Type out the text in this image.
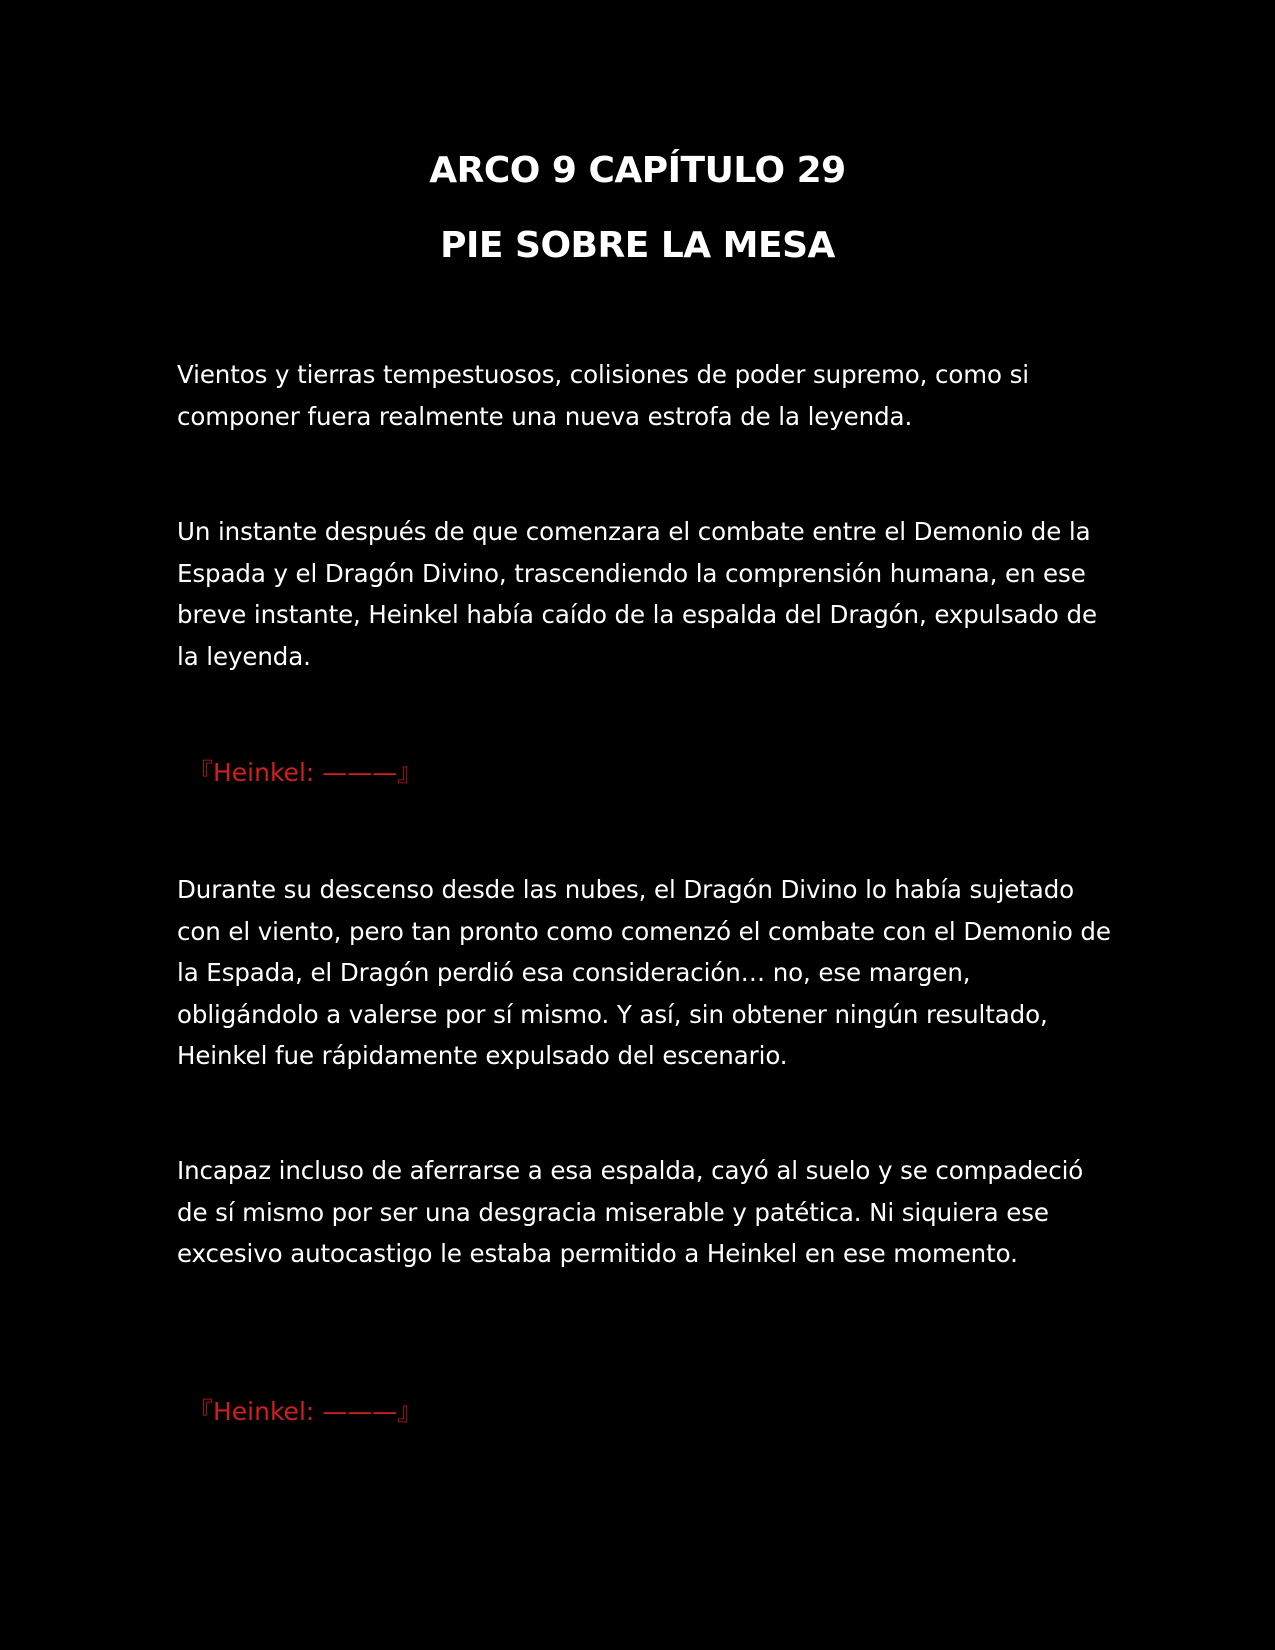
ARCO 9 CAPÍTULO 29
PIE SOBRE LA MESA

Vientos y tierras tempestuosos, colisiones de poder supremo, como si componer fuera realmente una nueva estrofa de la leyenda.

Un instante después de que comenzara el combate entre el Demonio de la Espada y el Dragón Divino, trascendiendo la comprensión humana, en ese breve instante, Heinkel había caído de la espalda del Dragón, expulsado de la leyenda.

『Heinkel: ———』

Durante su descenso desde las nubes, el Dragón Divino lo había sujetado con el viento, pero tan pronto como comenzó el combate con el Demonio de la Espada, el Dragón perdió esa consideración… no, ese margen, obligándolo a valerse por sí mismo. Y así, sin obtener ningún resultado, Heinkel fue rápidamente expulsado del escenario.

Incapaz incluso de aferrarse a esa espalda, cayó al suelo y se compadeció de sí mismo por ser una desgracia miserable y patética. Ni siquiera ese excesivo autocastigo le estaba permitido a Heinkel en ese momento.

『Heinkel: ———』
